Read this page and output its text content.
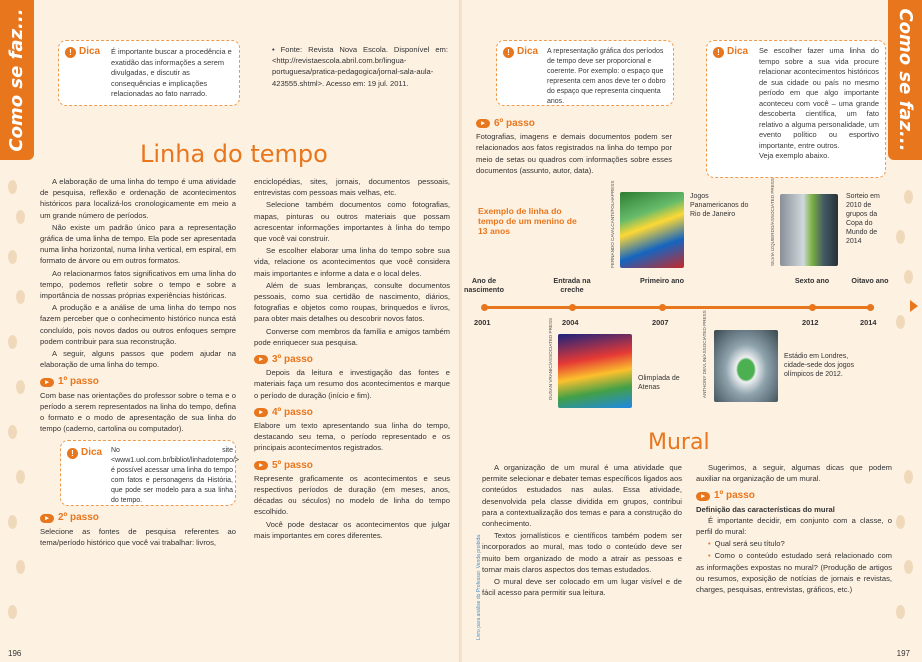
Como se faz...	! Dica É importante buscar a procedência e exatidão das informações a serem divulgadas, e discutir as consequências e implicações relacionadas ao fato narrado.
• Fonte: Revista Nova Escola. Disponível em: <http://revistaescola.abril.com.br/lingua-portuguesa/pratica-pedagogica/jornal-sala-aula-423555.shtml>. Acesso em: 19 jul. 2011.
Linha do tempo

A elaboração de uma linha do tempo é uma atividade de pesquisa, reflexão e ordenação de acontecimentos históricos para localizá-los cronologicamente em meio a um grande número de períodos.

Não existe um padrão único para a representação gráfica de uma linha de tempo. Ela pode ser apresentada numa linha horizontal, numa linha vertical, em espiral, em formato de árvore ou em outros formatos.

Ao relacionarmos fatos significativos em uma linha do tempo, podemos refletir sobre o tempo e sobre a importância de nossas próprias experiências históricas.

A produção e a análise de uma linha do tempo nos fazem perceber que o conhecimento histórico nunca está concluído, pois novos dados ou outros enfoques sempre podem contribuir para sua reconstrução.

A seguir, alguns passos que podem ajudar na elaboração de uma linha do tempo.

▸ 1º passo

Com base nas orientações do professor sobre o tema e o período a serem representados na linha do tempo, defina o formato e o modo de apresentação de sua linha do tempo (caderno, cartolina ou computador).

! Dica No site <www1.uol.com.br/bibliot/linhadotempo/> é possível acessar uma linha do tempo com fatos e personagens da História, que pode ser modelo para a sua linha do tempo.
▸ 2º passo

Selecione as fontes de pesquisa referentes ao tema/período histórico que você vai trabalhar: livros,

enciclopédias, sites, jornais, documentos pessoais, entrevistas com pessoas mais velhas, etc.

Selecione também documentos como fotografias, mapas, pinturas ou outros materiais que possam acrescentar informações importantes à linha do tempo que você vai construir.

Se escolher elaborar uma linha do tempo sobre sua vida, relacione os acontecimentos que você considera mais importantes e informe a data e o local deles.

Além de suas lembranças, consulte documentos pessoais, como sua certidão de nascimento, diários, fotografias e objetos como roupas, brinquedos e livros, para obter mais detalhes ou descobrir novos fatos.

Converse com membros da família e amigos também pode enriquecer sua pesquisa.

▸ 3º passo

Depois da leitura e investigação das fontes e materiais faça um resumo dos acontecimentos e marque o período de duração (início e fim).

▸ 4º passo

Elabore um texto apresentando sua linha do tempo, destacando seu tema, o período representado e os principais acontecimentos registrados.

▸ 5º passo

Represente graficamente os acontecimentos e seus respectivos períodos de duração (em meses, anos, décadas ou séculos) no modelo de linha do tempo escolhido.

Você pode destacar os acontecimentos que julgar mais importantes em cores diferentes.

196
Como se faz...
! Dica A representação gráfica dos períodos de tempo deve ser proporcional e coerente. Por exemplo: o espaço que representa cem anos deve ter o dobro do espaço que representa cinquenta anos.
! Dica Se escolher fazer uma linha do tempo sobre a sua vida procure relacionar acontecimentos históricos de sua cidade ou país no mesmo período em que algo importante aconteceu com você – uma grande descoberta científica, um fato relativo a alguma personalidade, um evento político ou esportivo importante, entre outros.
Veja exemplo abaixo.
▸ 6º passo

Fotografias, imagens e demais documentos podem ser relacionados aos fatos registrados na linha do tempo por meio de setas ou quadros com informações sobre esses documentos (assunto, autor, data).

Exemplo de linha do tempo de um menino de 13 anos	FERNANDO CAVALCANTI/FOLHAPRESS	Jogos Panamericanos do Rio de Janeiro	SILVIA IZQUIERDO/ASSOCIATED PRESS	Sorteio em 2010 de grupos da Copa do Mundo de 2014
Ano de nascimento
2001
Entrada na creche
2004
Primeiro ano
2007
Sexto ano
2012
Oitavo ano
2014
DUSAN VRANIC/ASSOCIATED PRESS	Olimpíada de Atenas	ANTHONY DEVLIN/ASSOCIATED PRESS	Estádio em Londres, cidade-sede dos jogos olímpicos de 2012.
Mural
Livro para análise do Professor. Venda proibida.

A organização de um mural é uma atividade que permite selecionar e debater temas específicos ligados aos conteúdos estudados nas aulas. Essa atividade, desenvolvida pela classe dividida em grupos, contribui para a contextualização dos temas e para a construção do conhecimento.

Textos jornalísticos e científicos também podem ser incorporados ao mural, mas todo o conteúdo deve ser muito bem organizado de modo a atrair as pessoas e tornar mais claros aspectos dos temas estudados.

O mural deve ser colocado em um lugar visível e de fácil acesso para permitir sua leitura.

Sugerimos, a seguir, algumas dicas que podem auxiliar na organização de um mural.

▸ 1º passo
Definição das características do mural

É importante decidir, em conjunto com a classe, o perfil do mural:

• Qual será seu título?

• Como o conteúdo estudado será relacionado com as informações expostas no mural? (Produção de artigos ou resumos, exposição de notícias de jornais e revistas, charges, pesquisas, entrevistas, gráficos, etc.)

197
